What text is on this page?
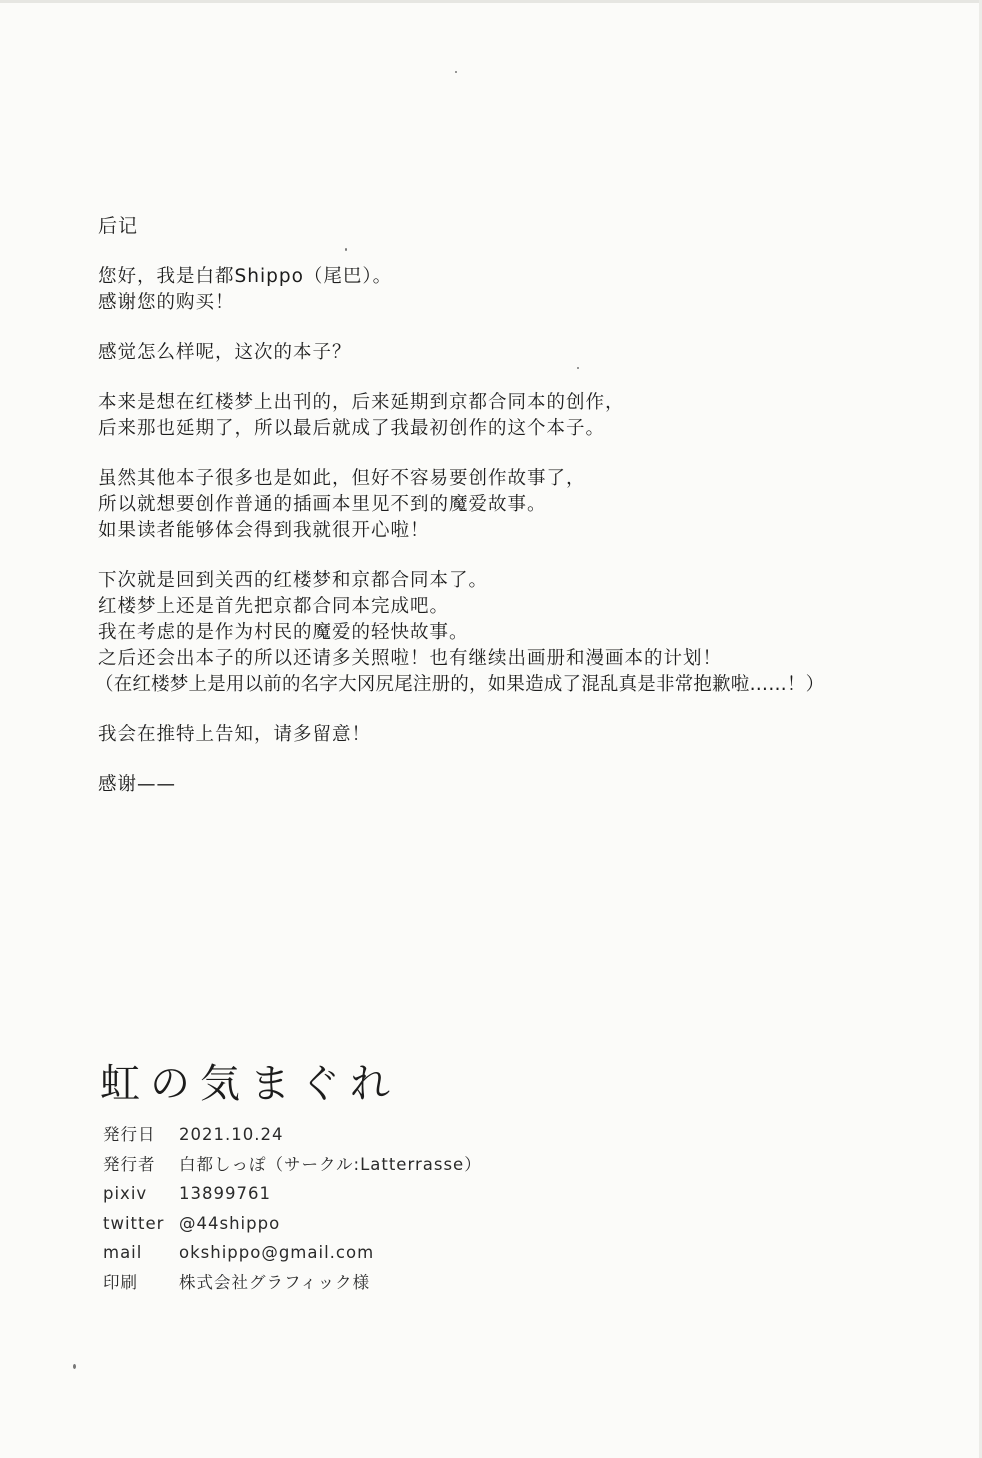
后记
您好，我是白都Shippo（尾巴）。
感谢您的购买！
感觉怎么样呢，这次的本子？
本来是想在红楼梦上出刊的，后来延期到京都合同本的创作，
后来那也延期了，所以最后就成了我最初创作的这个本子。
虽然其他本子很多也是如此，但好不容易要创作故事了，
所以就想要创作普通的插画本里见不到的魔爱故事。
如果读者能够体会得到我就很开心啦！
下次就是回到关西的红楼梦和京都合同本了。
红楼梦上还是首先把京都合同本完成吧。
我在考虑的是作为村民的魔爱的轻快故事。
之后还会出本子的所以还请多关照啦！也有继续出画册和漫画本的计划！
（在红楼梦上是用以前的名字大冈尻尾注册的，如果造成了混乱真是非常抱歉啦……！）
我会在推特上告知，请多留意！
感谢——
虹の気まぐれ
発行日	2021.10.24
発行者	白都しっぽ（サークル:Latterrasse）
pixiv	13899761
twitter	@44shippo
mail	okshippo@gmail.com
印刷	株式会社グラフィック様
